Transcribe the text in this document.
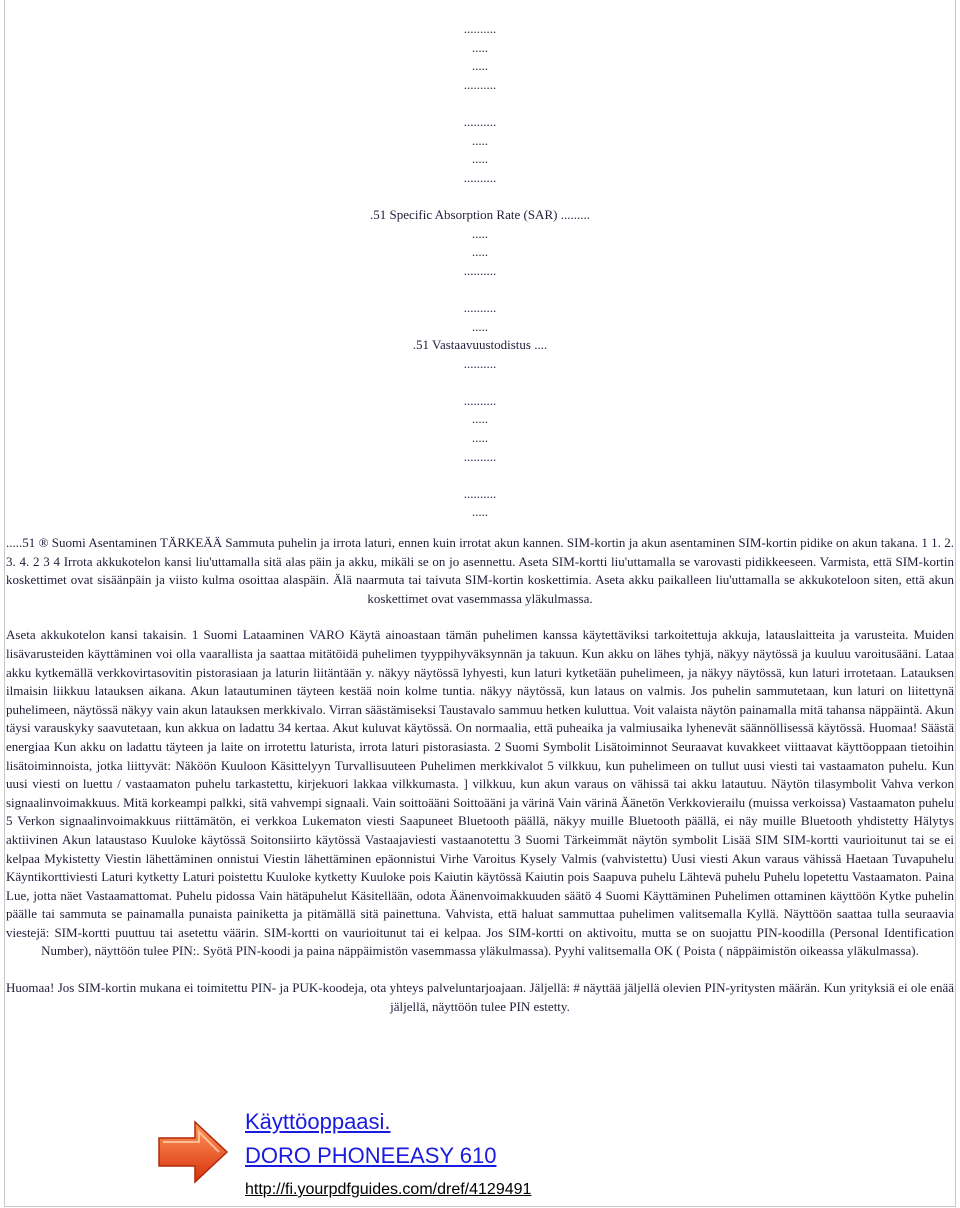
..........
.....
.....
..........
..........
.....
.....
..........
.51 Specific Absorption Rate (SAR) .........
.....
.....
..........
..........
.....
.51 Vastaavuustodistus ....
..........
..........
.....
.....
..........
..........
.....

.....51 ® Suomi Asentaminen TÄRKEÄÄ Sammuta puhelin ja irrota laturi, ennen kuin irrotat akun kannen. SIM-kortin ja akun asentaminen SIM-kortin pidike on akun takana. 1 1. 2. 3. 4. 2 3 4 Irrota akkukotelon kansi liu'uttamalla sitä alas päin ja akku, mikäli se on jo asennettu. Aseta SIM-kortti liu'uttamalla se varovasti pidikkeeseen. Varmista, että SIM-kortin koskettimet ovat sisäänpäin ja viisto kulma osoittaa alaspäin. Älä naarmuta tai taivuta SIM-kortin koskettimia. Aseta akku paikalleen liu'uttamalla se akkukoteloon siten, että akun koskettimet ovat vasemmassa yläkulmassa.

Aseta akkukotelon kansi takaisin. 1 Suomi Lataaminen VARO Käytä ainoastaan tämän puhelimen kanssa käytettäviksi tarkoitettuja akkuja, latauslaitteita ja varusteita. Muiden lisävarusteiden käyttäminen voi olla vaarallista ja saattaa mitätöidä puhelimen tyyppihyväksynnän ja takuun. Kun akku on lähes tyhjä, näkyy näytössä ja kuuluu varoitusääni. Lataa akku kytkemällä verkkovirtasovitin pistorasiaan ja laturin liitäntään y. näkyy näytössä lyhyesti, kun laturi kytketään puhelimeen, ja näkyy näytössä, kun laturi irrotetaan. Latauksen ilmaisin liikkuu latauksen aikana. Akun latautuminen täyteen kestää noin kolme tuntia. näkyy näytössä, kun lataus on valmis. Jos puhelin sammutetaan, kun laturi on liitettynä puhelimeen, näytössä näkyy vain akun latauksen merkkivalo. Virran säästämiseksi Taustavalo sammuu hetken kuluttua. Voit valaista näytön painamalla mitä tahansa näppäintä. Akun täysi varauskyky saavutetaan, kun akkua on ladattu 34 kertaa. Akut kuluvat käytössä. On normaalia, että puheaika ja valmiusaika lyhenevät säännöllisessä käytössä. Huomaa! Säästä energiaa Kun akku on ladattu täyteen ja laite on irrotettu laturista, irrota laturi pistorasiasta. 2 Suomi Symbolit Lisätoiminnot Seuraavat kuvakkeet viittaavat käyttöoppaan tietoihin lisätoiminnoista, jotka liittyvät: Näköön Kuuloon Käsittelyyn Turvallisuuteen Puhelimen merkkivalot 5 vilkkuu, kun puhelimeen on tullut uusi viesti tai vastaamaton puhelu. Kun uusi viesti on luettu / vastaamaton puhelu tarkastettu, kirjekuori lakkaa vilkkumasta. ] vilkkuu, kun akun varaus on vähissä tai akku latautuu. Näytön tilasymbolit Vahva verkon signaalinvoimakkuus. Mitä korkeampi palkki, sitä vahvempi signaali. Vain soittoääni Soittoääni ja värinä Vain värinä Äänetön Verkkovierailu (muissa verkoissa) Vastaamaton puhelu 5 Verkon signaalinvoimakkuus riittämätön, ei verkkoa Lukematon viesti Saapuneet Bluetooth päällä, näkyy muille Bluetooth päällä, ei näy muille Bluetooth yhdistetty Hälytys aktiivinen Akun lataustaso Kuuloke käytössä Soitonsiirto käytössä Vastaajaviesti vastaanotettu 3 Suomi Tärkeimmät näytön symbolit Lisää SIM SIM-kortti vaurioitunut tai se ei kelpaa Mykistetty Viestin lähettäminen onnistui Viestin lähettäminen epäonnistui Virhe Varoitus Kysely Valmis (vahvistettu) Uusi viesti Akun varaus vähissä Haetaan Tuvapuhelu Käyntikorttiviesti Laturi kytketty Laturi poistettu Kuuloke kytketty Kuuloke pois Kaiutin käytössä Kaiutin pois Saapuva puhelu Lähtevä puhelu Puhelu lopetettu Vastaamaton. Paina Lue, jotta näet Vastaamattomat. Puhelu pidossa Vain hätäpuhelut Käsitellään, odota Äänenvoimakkuuden säätö 4 Suomi Käyttäminen Puhelimen ottaminen käyttöön Kytke puhelin päälle tai sammuta se painamalla punaista painiketta ja pitämällä sitä painettuna. Vahvista, että haluat sammuttaa puhelimen valitsemalla Kyllä. Näyttöön saattaa tulla seuraavia viestejä: SIM-kortti puuttuu tai asetettu väärin. SIM-kortti on vaurioitunut tai ei kelpaa. Jos SIM-kortti on aktivoitu, mutta se on suojattu PIN-koodilla (Personal Identification Number), näyttöön tulee PIN:. Syötä PIN-koodi ja paina näppäimistön vasemmassa yläkulmassa). Pyyhi valitsemalla OK ( Poista ( näppäimistön oikeassa yläkulmassa).

Huomaa! Jos SIM-kortin mukana ei toimitettu PIN- ja PUK-koodeja, ota yhteys palveluntarjoajaan. Jäljellä: # näyttää jäljellä olevien PIN-yritysten määrän. Kun yrityksiä ei ole enää jäljellä, näyttöön tulee PIN estetty.

Käyttöoppaasi.
DORO PHONEEASY 610
http://fi.yourpdfguides.com/dref/4129491
